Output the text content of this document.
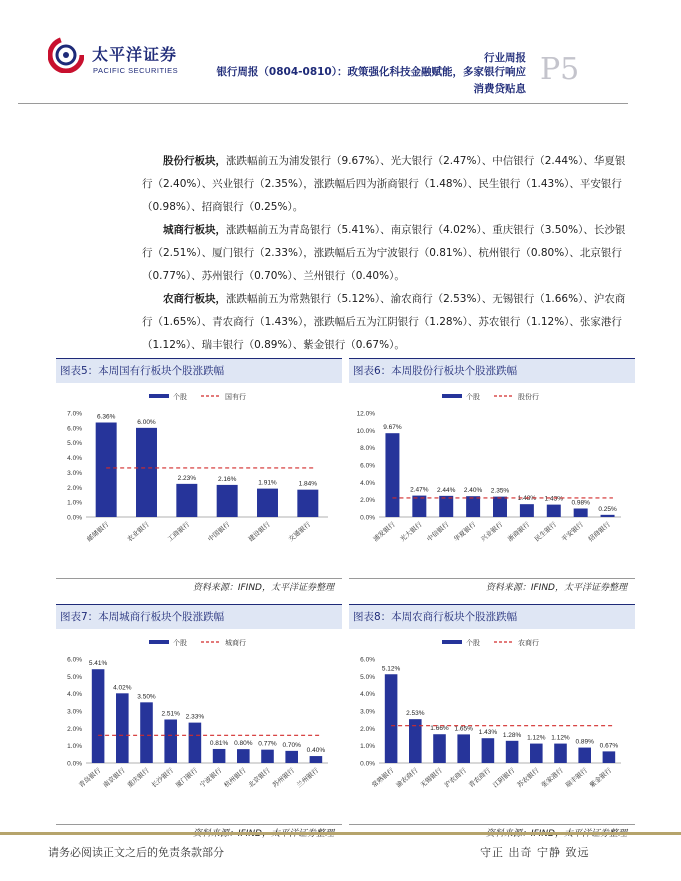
太平洋证券
PACIFIC SECURITIES
行业周报
银行周报（0804-0810）：政策强化科技金融赋能，多家银行响应
消费贷贴息
P5

股份行板块，涨跌幅前五为浦发银行（9.67%）、光大银行（2.47%）、中信银行（2.44%）、华夏银行（2.40%）、兴业银行（2.35%），涨跌幅后四为浙商银行（1.48%）、民生银行（1.43%）、平安银行（0.98%）、招商银行（0.25%）。

城商行板块，涨跌幅前五为青岛银行（5.41%）、南京银行（4.02%）、重庆银行（3.50%）、长沙银行（2.51%）、厦门银行（2.33%），涨跌幅后五为宁波银行（0.81%）、杭州银行（0.80%）、北京银行（0.77%）、苏州银行（0.70%）、兰州银行（0.40%）。

农商行板块，涨跌幅前五为常熟银行（5.12%）、渝农商行（2.53%）、无锡银行（1.66%）、沪农商行（1.65%）、青农商行（1.43%），涨跌幅后五为江阴银行（1.28%）、苏农银行（1.12%）、张家港行（1.12%）、瑞丰银行（0.89%）、紫金银行（0.67%）。

图表5：本周国有行板块个股涨跌幅
个股	国有行
0.0%
1.0%
2.0%
3.0%
4.0%
5.0%
6.0%
7.0% 6.36%
邮储银行
6.00%
农业银行
2.23%
工商银行
2.16%
中国银行
1.91%
建设银行
1.84%
交通银行
资料来源：IFIND，太平洋证券整理
图表6：本周股份行板块个股涨跌幅
个股	股份行
0.0%
2.0%
4.0%
6.0%
8.0%
10.0%
12.0%
9.67%
浦发银行
2.47%
光大银行
2.44%
中信银行
2.40%
华夏银行
2.35%
兴业银行
1.48%
浙商银行
1.43%
民生银行
0.98%
平安银行
0.25%
招商银行
资料来源：IFIND，太平洋证券整理
图表7：本周城商行板块个股涨跌幅
个股	城商行
0.0%
1.0%
2.0%
3.0%
4.0%
5.0%
6.0%
5.41%
青岛银行
4.02%
南京银行
3.50%
重庆银行
2.51%
长沙银行
2.33%
厦门银行
0.81%
宁波银行
0.80%
杭州银行
0.77%
北京银行
0.70%
苏州银行
0.40%
兰州银行
图表8：本周农商行板块个股涨跌幅
个股	农商行
0.0%
1.0%
2.0%
3.0%
4.0%
5.0%
6.0%
5.12%
常熟银行
2.53%
渝农商行
1.66%
无锡银行
1.65%
沪农商行
1.43%
青农商行
1.28%
江阴银行
1.12%
苏农银行
1.12%
张家港行
0.89%
瑞丰银行
0.67%
紫金银行
请务必阅读正文之后的免责条款部分	守正 出奇 宁静 致远
